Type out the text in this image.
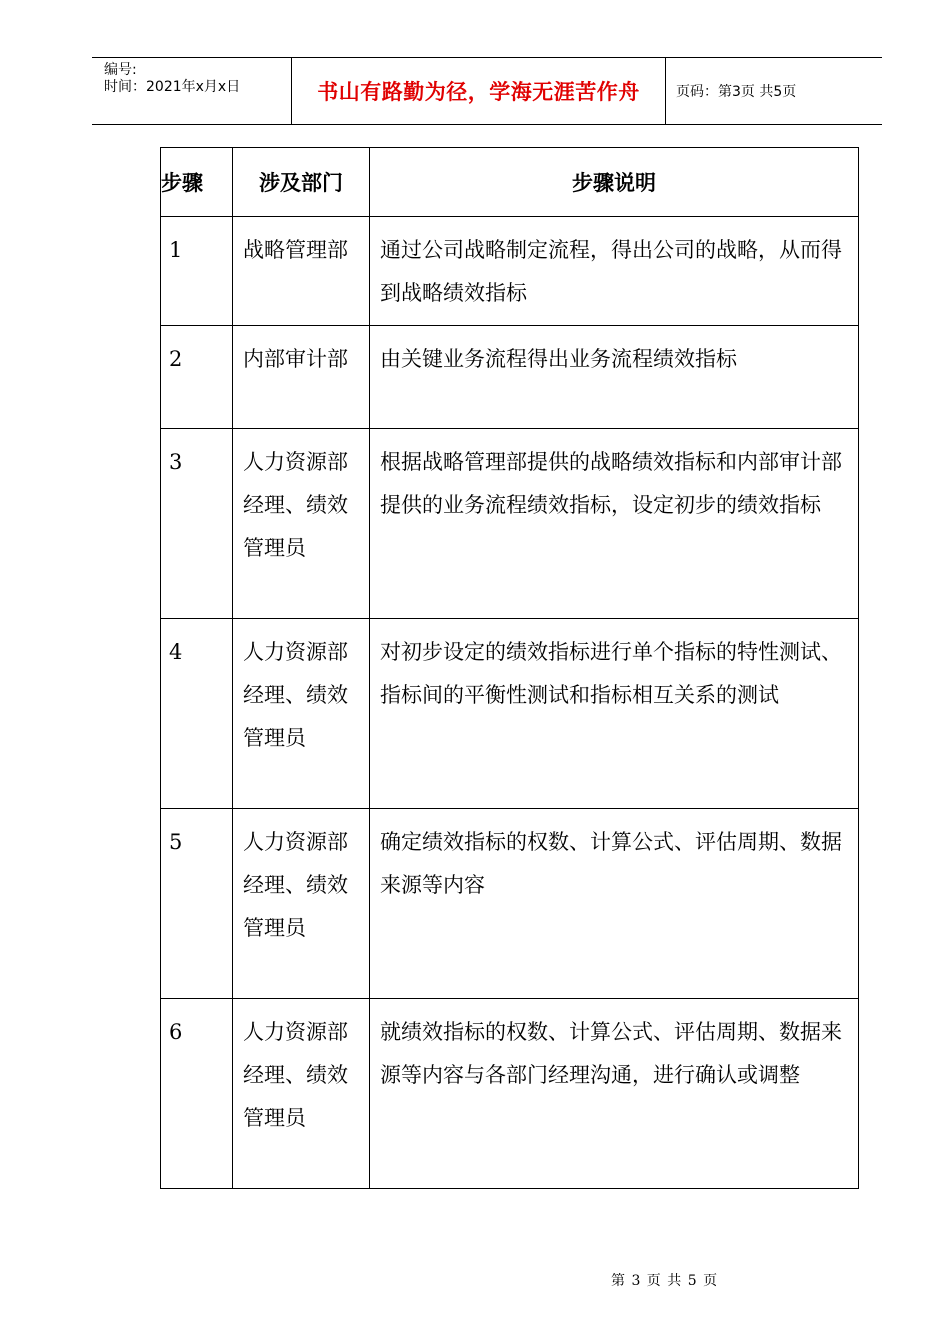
编号:
时间：2021年x月x日	书山有路勤为径，学海无涯苦作舟	页码：第3页 共5页
步骤	涉及部门	步骤说明

1	战略管理部	通过公司战略制定流程，得出公司的战略，从而得到战略绩效指标

2	内部审计部	由关键业务流程得出业务流程绩效指标

3	人力资源部经理、绩效管理员	根据战略管理部提供的战略绩效指标和内部审计部提供的业务流程绩效指标，设定初步的绩效指标

4	人力资源部经理、绩效管理员	对初步设定的绩效指标进行单个指标的特性测试、指标间的平衡性测试和指标相互关系的测试

5	人力资源部经理、绩效管理员	确定绩效指标的权数、计算公式、评估周期、数据来源等内容

6	人力资源部经理、绩效管理员	就绩效指标的权数、计算公式、评估周期、数据来源等内容与各部门经理沟通，进行确认或调整
第 3 页 共 5 页
